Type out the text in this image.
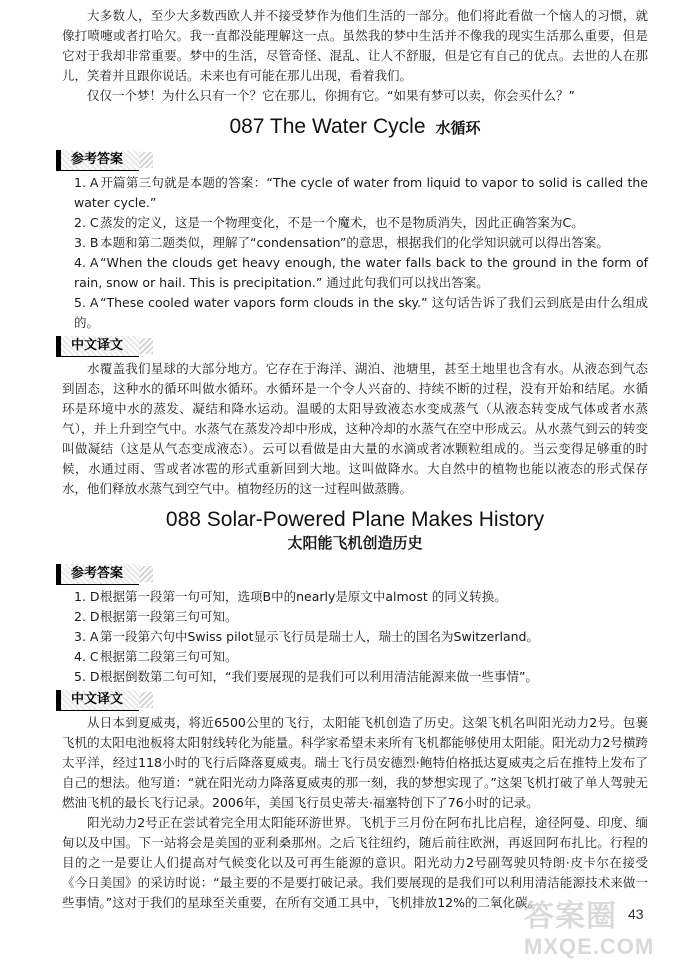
大多数人，至少大多数西欧人并不接受梦作为他们生活的一部分。他们将此看做一个恼人的习惯，就像打喷嚏或者打哈欠。我一直都没能理解这一点。虽然我的梦中生活并不像我的现实生活那么重要，但是它对于我却非常重要。梦中的生活，尽管奇怪、混乱、让人不舒服，但是它有自己的优点。去世的人在那儿，笑着并且跟你说话。未来也有可能在那儿出现，看着我们。

仅仅一个梦！为什么只有一个？它在那儿，你拥有它。“如果有梦可以卖，你会买什么？”

087 The Water Cycle 水循环
参考答案

1. A 开篇第三句就是本题的答案：“The cycle of water from liquid to vapor to solid is called the water cycle.”

2. C蒸发的定义，这是一个物理变化，不是一个魔术，也不是物质消失，因此正确答案为C。

3. B 本题和第二题类似，理解了“condensation”的意思，根据我们的化学知识就可以得出答案。

4. A “When the clouds get heavy enough, the water falls back to the ground in the form of rain, snow or hail. This is precipitation.” 通过此句我们可以找出答案。

5. A “These cooled water vapors form clouds in the sky.” 这句话告诉了我们云到底是由什么组成的。

中文译文

水覆盖我们星球的大部分地方。它存在于海洋、湖泊、池塘里，甚至土地里也含有水。从液态到气态到固态，这种水的循环叫做水循环。水循环是一个令人兴奋的、持续不断的过程，没有开始和结尾。水循环是环境中水的蒸发、凝结和降水运动。温暖的太阳导致液态水变成蒸气（从液态转变成气体或者水蒸气），并上升到空气中。水蒸气在蒸发冷却中形成，这种冷却的水蒸气在空中形成云。从水蒸气到云的转变叫做凝结（这是从气态变成液态）。云可以看做是由大量的水滴或者冰颗粒组成的。当云变得足够重的时候，水通过雨、雪或者冰雹的形式重新回到大地。这叫做降水。大自然中的植物也能以液态的形式保存水，他们释放水蒸气到空气中。植物经历的这一过程叫做蒸腾。

088 Solar-Powered Plane Makes History
太阳能飞机创造历史
参考答案

1. D根据第一段第一句可知，选项B中的nearly是原文中almost 的同义转换。

2. D根据第一段第三句可知。

3. A 第一段第六句中Swiss pilot显示飞行员是瑞士人，瑞士的国名为Switzerland。

4. C根据第二段第三句可知。

5. D根据倒数第二句可知，“我们要展现的是我们可以利用清洁能源来做一些事情”。

中文译文

从日本到夏威夷，将近6500公里的飞行，太阳能飞机创造了历史。这架飞机名叫阳光动力2号。包裹飞机的太阳电池板将太阳射线转化为能量。科学家希望未来所有飞机都能够使用太阳能。阳光动力2号横跨太平洋，经过118小时的飞行后降落夏威夷。瑞士飞行员安德烈·鲍特伯格抵达夏威夷之后在推特上发布了自己的想法。他写道：“就在阳光动力降落夏威夷的那一刻，我的梦想实现了。”这架飞机打破了单人驾驶无燃油飞机的最长飞行记录。2006年，美国飞行员史蒂夫·福塞特创下了76小时的记录。

阳光动力2号正在尝试着完全用太阳能环游世界。飞机于三月份在阿布扎比启程，途径阿曼、印度、缅甸以及中国。下一站将会是美国的亚利桑那州。之后飞往纽约，随后前往欧洲，再返回阿布扎比。行程的目的之一是要让人们提高对气候变化以及可再生能源的意识。阳光动力2号副驾驶贝特朗·皮卡尔在接受《今日美国》的采访时说：“最主要的不是要打破记录。我们要展现的是我们可以利用清洁能源技术来做一些事情。”这对于我们的星球至关重要，在所有交通工具中，飞机排放12%的二氧化碳。

答案圈
MXQE.COM
43
